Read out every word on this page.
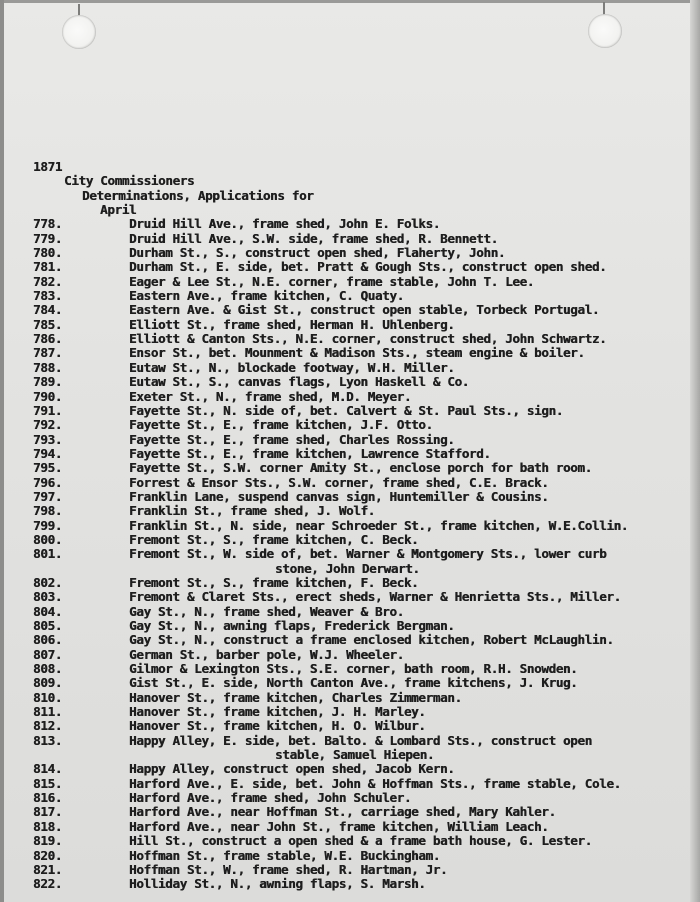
1871
City Commissioners
Determinations, Applications for
April
778.	Druid Hill Ave., frame shed, John E. Folks.
779.	Druid Hill Ave., S.W. side, frame shed, R. Bennett.
780.	Durham St., S., construct open shed, Flaherty, John.
781.	Durham St., E. side, bet. Pratt & Gough Sts., construct open shed.
782.	Eager & Lee St., N.E. corner, frame stable, John T. Lee.
783.	Eastern Ave., frame kitchen, C. Quaty.
784.	Eastern Ave. & Gist St., construct open stable, Torbeck Portugal.
785.	Elliott St., frame shed, Herman H. Uhlenberg.
786.	Elliott & Canton Sts., N.E. corner, construct shed, John Schwartz.
787.	Ensor St., bet. Mounment & Madison Sts., steam engine & boiler.
788.	Eutaw St., N., blockade footway, W.H. Miller.
789.	Eutaw St., S., canvas flags, Lyon Haskell & Co.
790.	Exeter St., N., frame shed, M.D. Meyer.
791.	Fayette St., N. side of, bet. Calvert & St. Paul Sts., sign.
792.	Fayette St., E., frame kitchen, J.F. Otto.
793.	Fayette St., E., frame shed, Charles Rossing.
794.	Fayette St., E., frame kitchen, Lawrence Stafford.
795.	Fayette St., S.W. corner Amity St., enclose porch for bath room.
796.	Forrest & Ensor Sts., S.W. corner, frame shed, C.E. Brack.
797.	Franklin Lane, suspend canvas sign, Huntemiller & Cousins.
798.	Franklin St., frame shed, J. Wolf.
799.	Franklin St., N. side, near Schroeder St., frame kitchen, W.E.Collin.
800.	Fremont St., S., frame kitchen, C. Beck.
801.	Fremont St., W. side of, bet. Warner & Montgomery Sts., lower curb
stone, John Derwart.
802.	Fremont St., S., frame kitchen, F. Beck.
803.	Fremont & Claret Sts., erect sheds, Warner & Henrietta Sts., Miller.
804.	Gay St., N., frame shed, Weaver & Bro.
805.	Gay St., N., awning flaps, Frederick Bergman.
806.	Gay St., N., construct a frame enclosed kitchen, Robert McLaughlin.
807.	German St., barber pole, W.J. Wheeler.
808.	Gilmor & Lexington Sts., S.E. corner, bath room, R.H. Snowden.
809.	Gist St., E. side, North Canton Ave., frame kitchens, J. Krug.
810.	Hanover St., frame kitchen, Charles Zimmerman.
811.	Hanover St., frame kitchen, J. H. Marley.
812.	Hanover St., frame kitchen, H. O. Wilbur.
813.	Happy Alley, E. side, bet. Balto. & Lombard Sts., construct open
stable, Samuel Hiepen.
814.	Happy Alley, construct open shed, Jacob Kern.
815.	Harford Ave., E. side, bet. John & Hoffman Sts., frame stable, Cole.
816.	Harford Ave., frame shed, John Schuler.
817.	Harford Ave., near Hoffman St., carriage shed, Mary Kahler.
818.	Harford Ave., near John St., frame kitchen, William Leach.
819.	Hill St., construct a open shed & a frame bath house, G. Lester.
820.	Hoffman St., frame stable, W.E. Buckingham.
821.	Hoffman St., W., frame shed, R. Hartman, Jr.
822.	Holliday St., N., awning flaps, S. Marsh.
